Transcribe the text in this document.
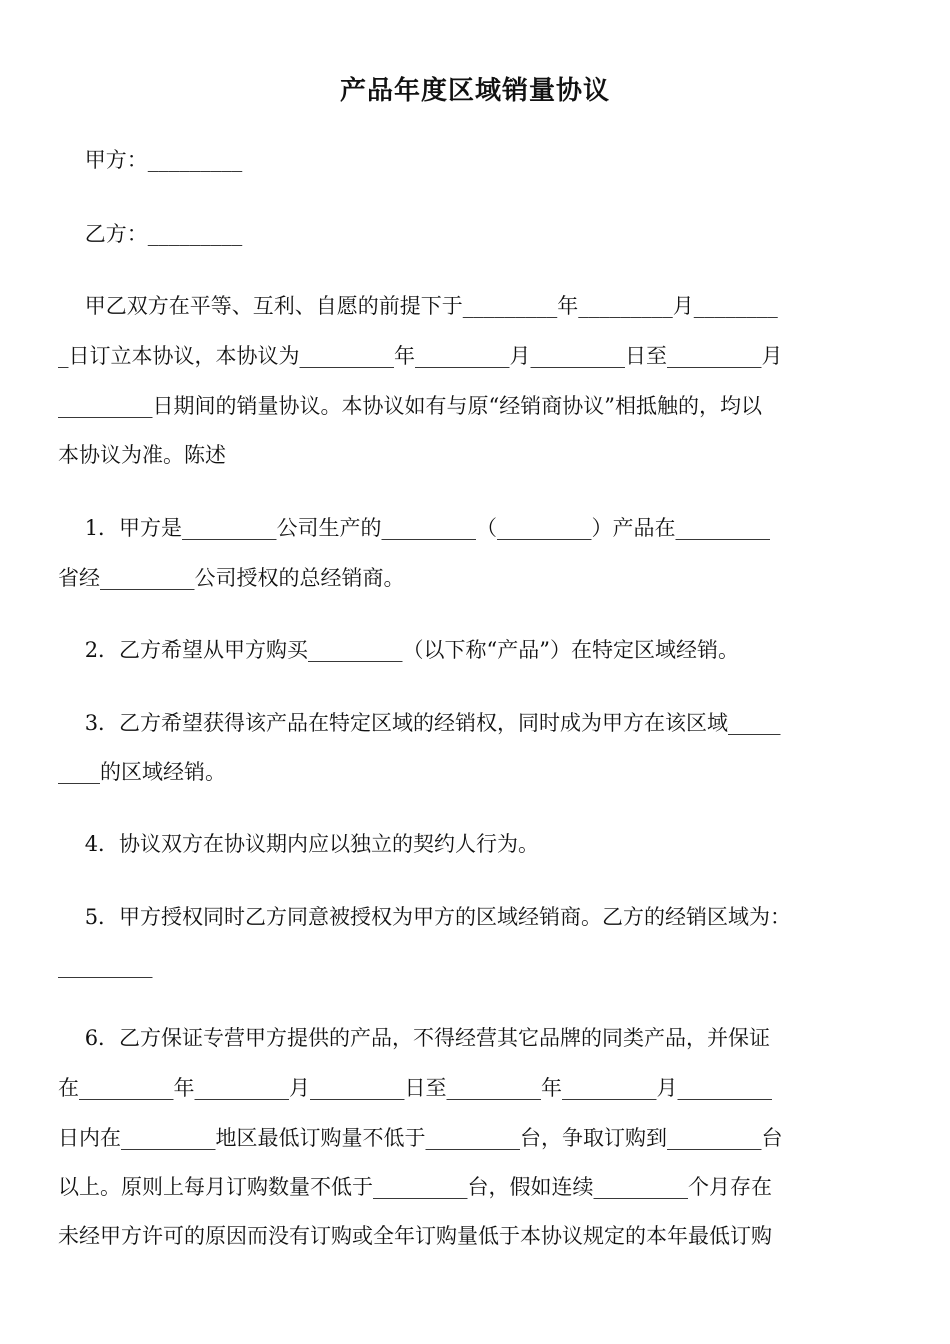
产品年度区域销量协议
甲方：_________
乙方：_________
甲乙双方在平等、互利、自愿的前提下于_________年_________月________
_日订立本协议，本协议为_________年_________月_________日至_________月
_________日期间的销量协议。本协议如有与原“经销商协议”相抵触的，均以
本协议为准。陈述
1．甲方是_________公司生产的_________（_________）产品在_________
省经_________公司授权的总经销商。
2．乙方希望从甲方购买_________（以下称“产品”）在特定区域经销。
3．乙方希望获得该产品在特定区域的经销权，同时成为甲方在该区域_____
____的区域经销。
4．协议双方在协议期内应以独立的契约人行为。
5．甲方授权同时乙方同意被授权为甲方的区域经销商。乙方的经销区域为：
_________
6．乙方保证专营甲方提供的产品，不得经营其它品牌的同类产品，并保证
在_________年_________月_________日至_________年_________月_________
日内在_________地区最低订购量不低于_________台，争取订购到_________台
以上。原则上每月订购数量不低于_________台，假如连续_________个月存在
未经甲方许可的原因而没有订购或全年订购量低于本协议规定的本年最低订购
